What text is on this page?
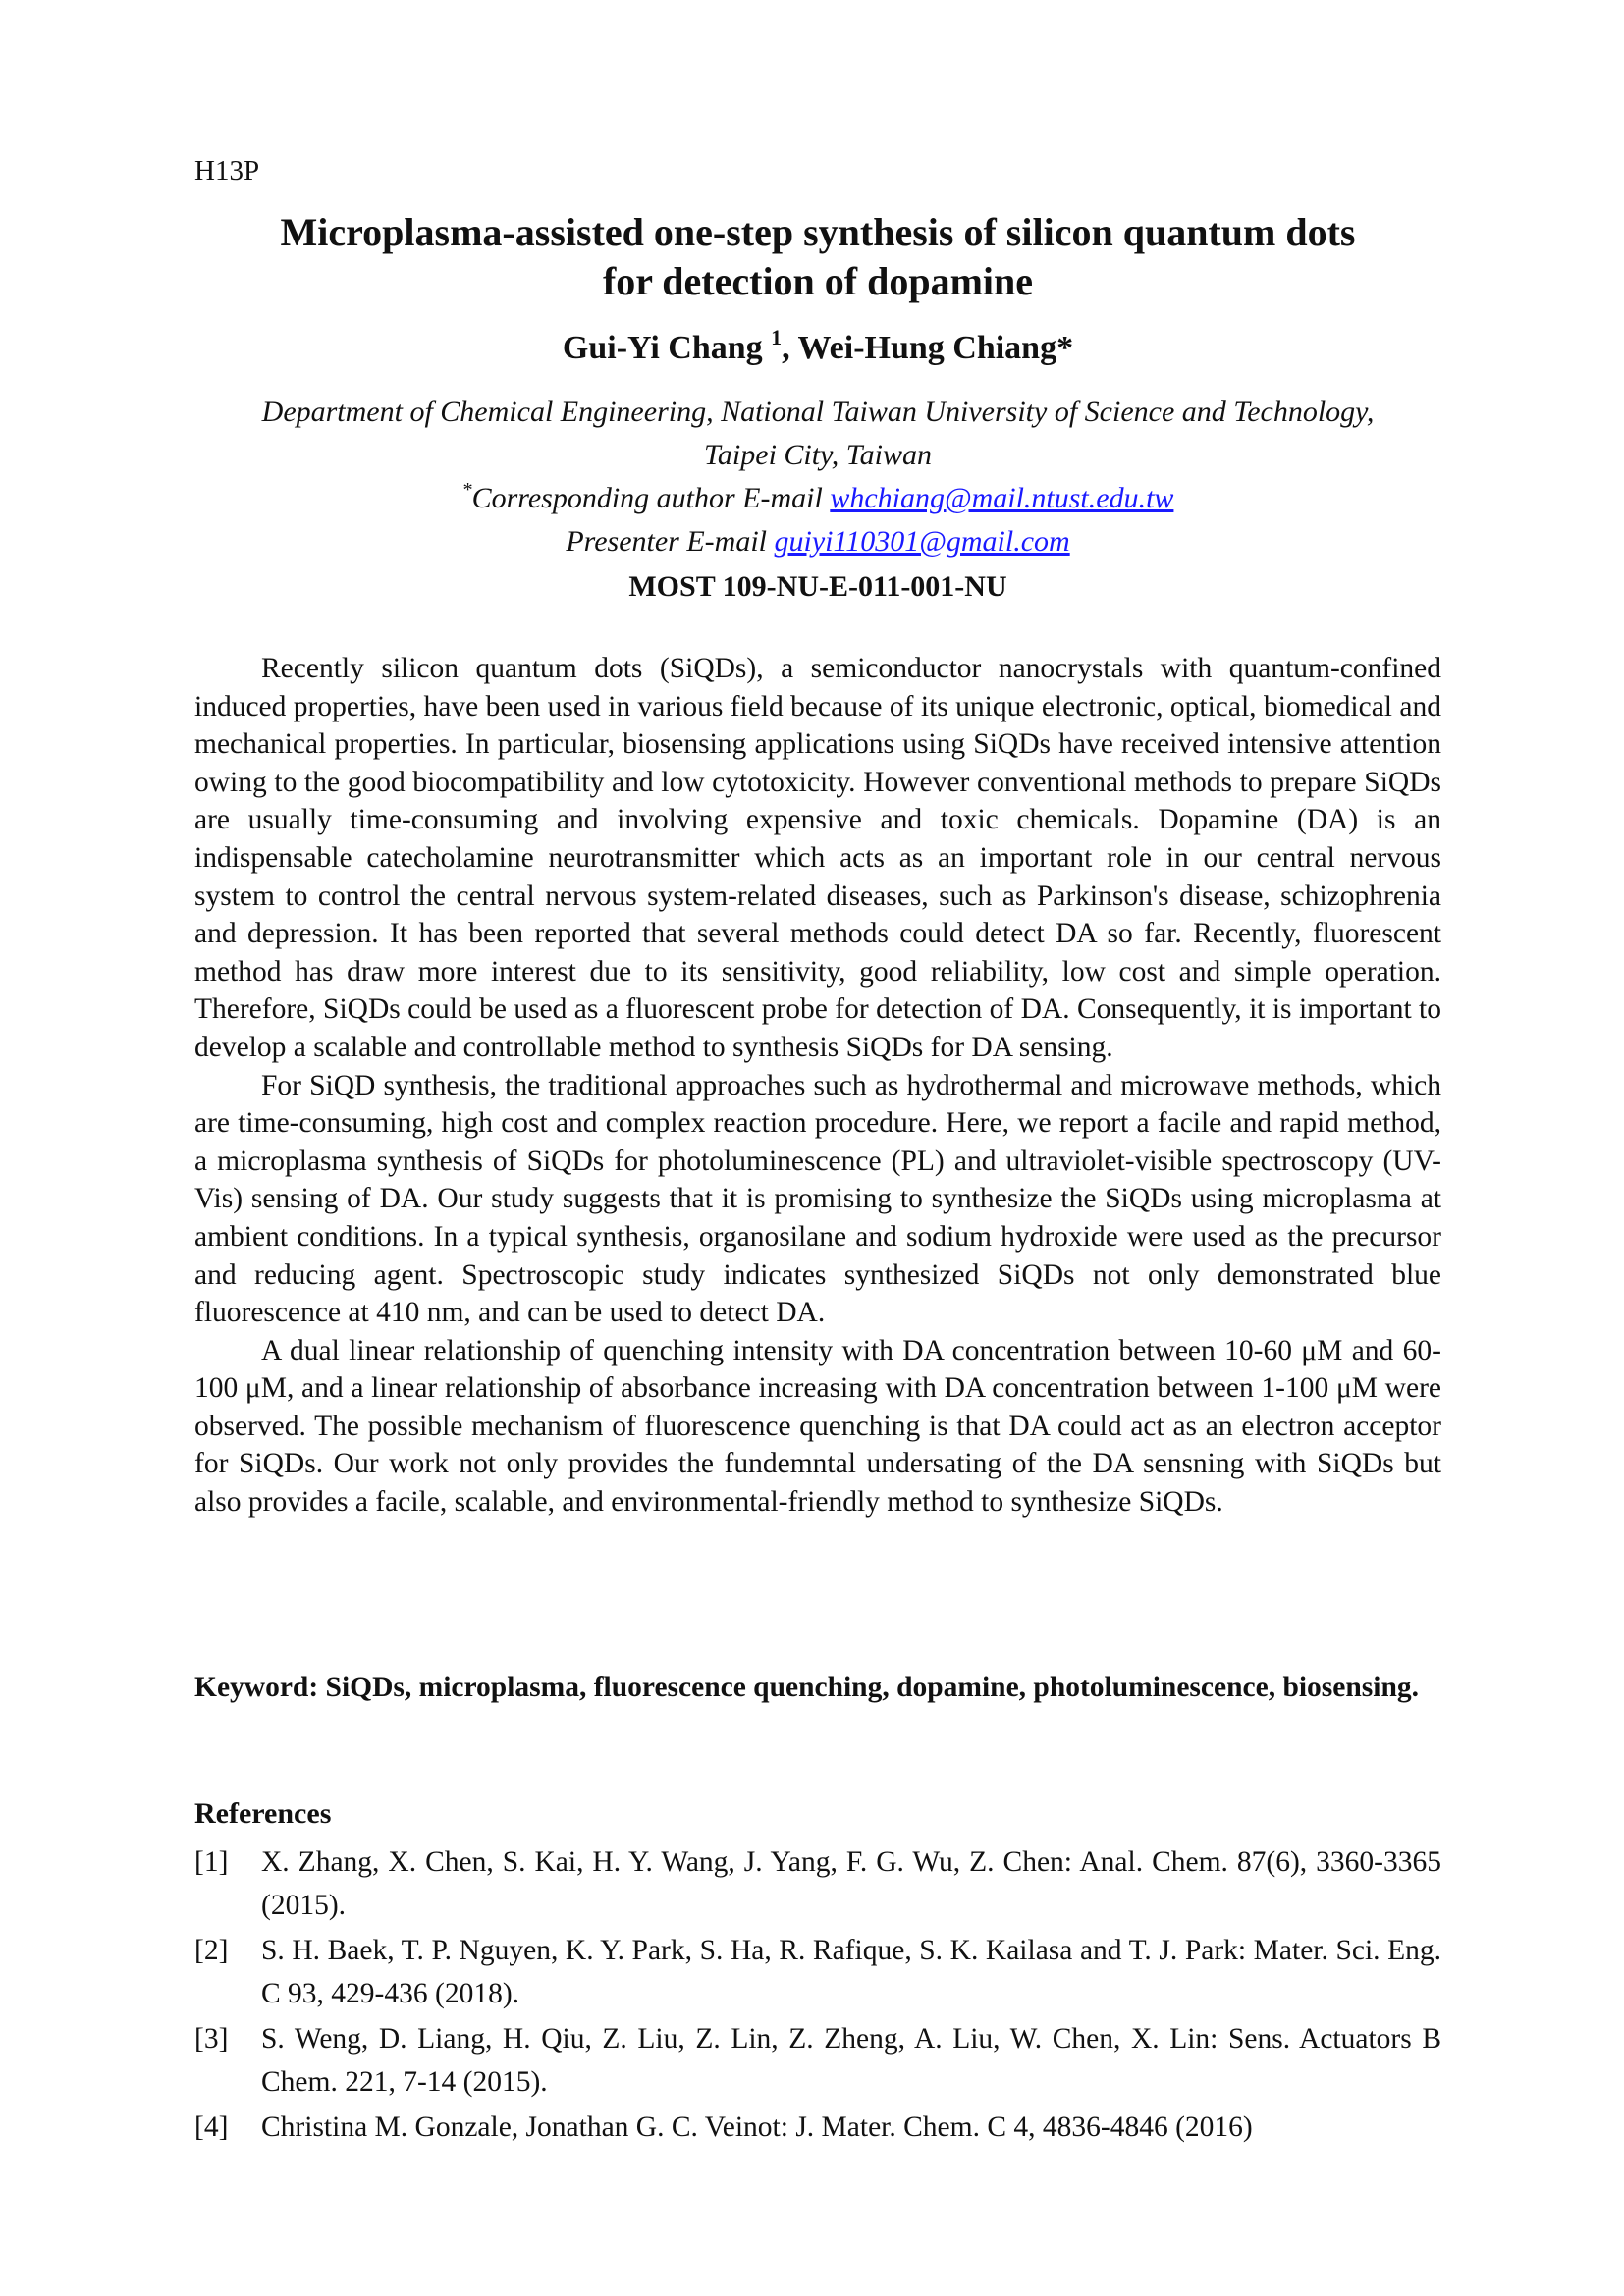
H13P
Microplasma-assisted one-step synthesis of silicon quantum dots
for detection of dopamine
Gui-Yi Chang $^1$, Wei-Hung Chiang*
Department of Chemical Engineering, National Taiwan University of Science and Technology,
Taipei City, Taiwan
*Corresponding author E-mail whchiang@mail.ntust.edu.tw
Presenter E-mail guiyi110301@gmail.com
MOST 109-NU-E-011-001-NU

Recently silicon quantum dots (SiQDs), a semiconductor nanocrystals with quantum-confined induced properties, have been used in various field because of its unique electronic, optical, biomedical and mechanical properties. In particular, biosensing applications using SiQDs have received intensive attention owing to the good biocompatibility and low cytotoxicity. However conventional methods to prepare SiQDs are usually time-consuming and involving expensive and toxic chemicals. Dopamine (DA) is an indispensable catecholamine neurotransmitter which acts as an important role in our central nervous system to control the central nervous system-related diseases, such as Parkinson's disease, schizophrenia and depression. It has been reported that several methods could detect DA so far. Recently, fluorescent method has draw more interest due to its sensitivity, good reliability, low cost and simple operation. Therefore, SiQDs could be used as a fluorescent probe for detection of DA. Consequently, it is important to develop a scalable and controllable method to synthesis SiQDs for DA sensing.

For SiQD synthesis, the traditional approaches such as hydrothermal and microwave methods, which are time-consuming, high cost and complex reaction procedure. Here, we report a facile and rapid method, a microplasma synthesis of SiQDs for photoluminescence (PL) and ultraviolet-visible spectroscopy (UV-Vis) sensing of DA. Our study suggests that it is promising to synthesize the SiQDs using microplasma at ambient conditions. In a typical synthesis, organosilane and sodium hydroxide were used as the precursor and reducing agent. Spectroscopic study indicates synthesized SiQDs not only demonstrated blue fluorescence at 410 nm, and can be used to detect DA.

A dual linear relationship of quenching intensity with DA concentration between 10-60 μM and 60-100 μM, and a linear relationship of absorbance increasing with DA concentration between 1-100 μM were observed. The possible mechanism of fluorescence quenching is that DA could act as an electron acceptor for SiQDs. Our work not only provides the fundemntal undersating of the DA sensning with SiQDs but also provides a facile, scalable, and environmental-friendly method to synthesize SiQDs.

Keyword: SiQDs, microplasma, fluorescence quenching, dopamine, photoluminescence, biosensing.
References
[1]	X. Zhang, X. Chen, S. Kai, H. Y. Wang, J. Yang, F. G. Wu, Z. Chen: Anal. Chem. 87(6), 3360-3365 (2015).
[2]	S. H. Baek, T. P. Nguyen, K. Y. Park, S. Ha, R. Rafique, S. K. Kailasa and T. J. Park: Mater. Sci. Eng. C 93, 429-436 (2018).
[3]	S. Weng, D. Liang, H. Qiu, Z. Liu, Z. Lin, Z. Zheng, A. Liu, W. Chen, X. Lin: Sens. Actuators B Chem. 221, 7-14 (2015).
[4]	Christina M. Gonzale, Jonathan G. C. Veinot: J. Mater. Chem. C 4, 4836-4846 (2016)
